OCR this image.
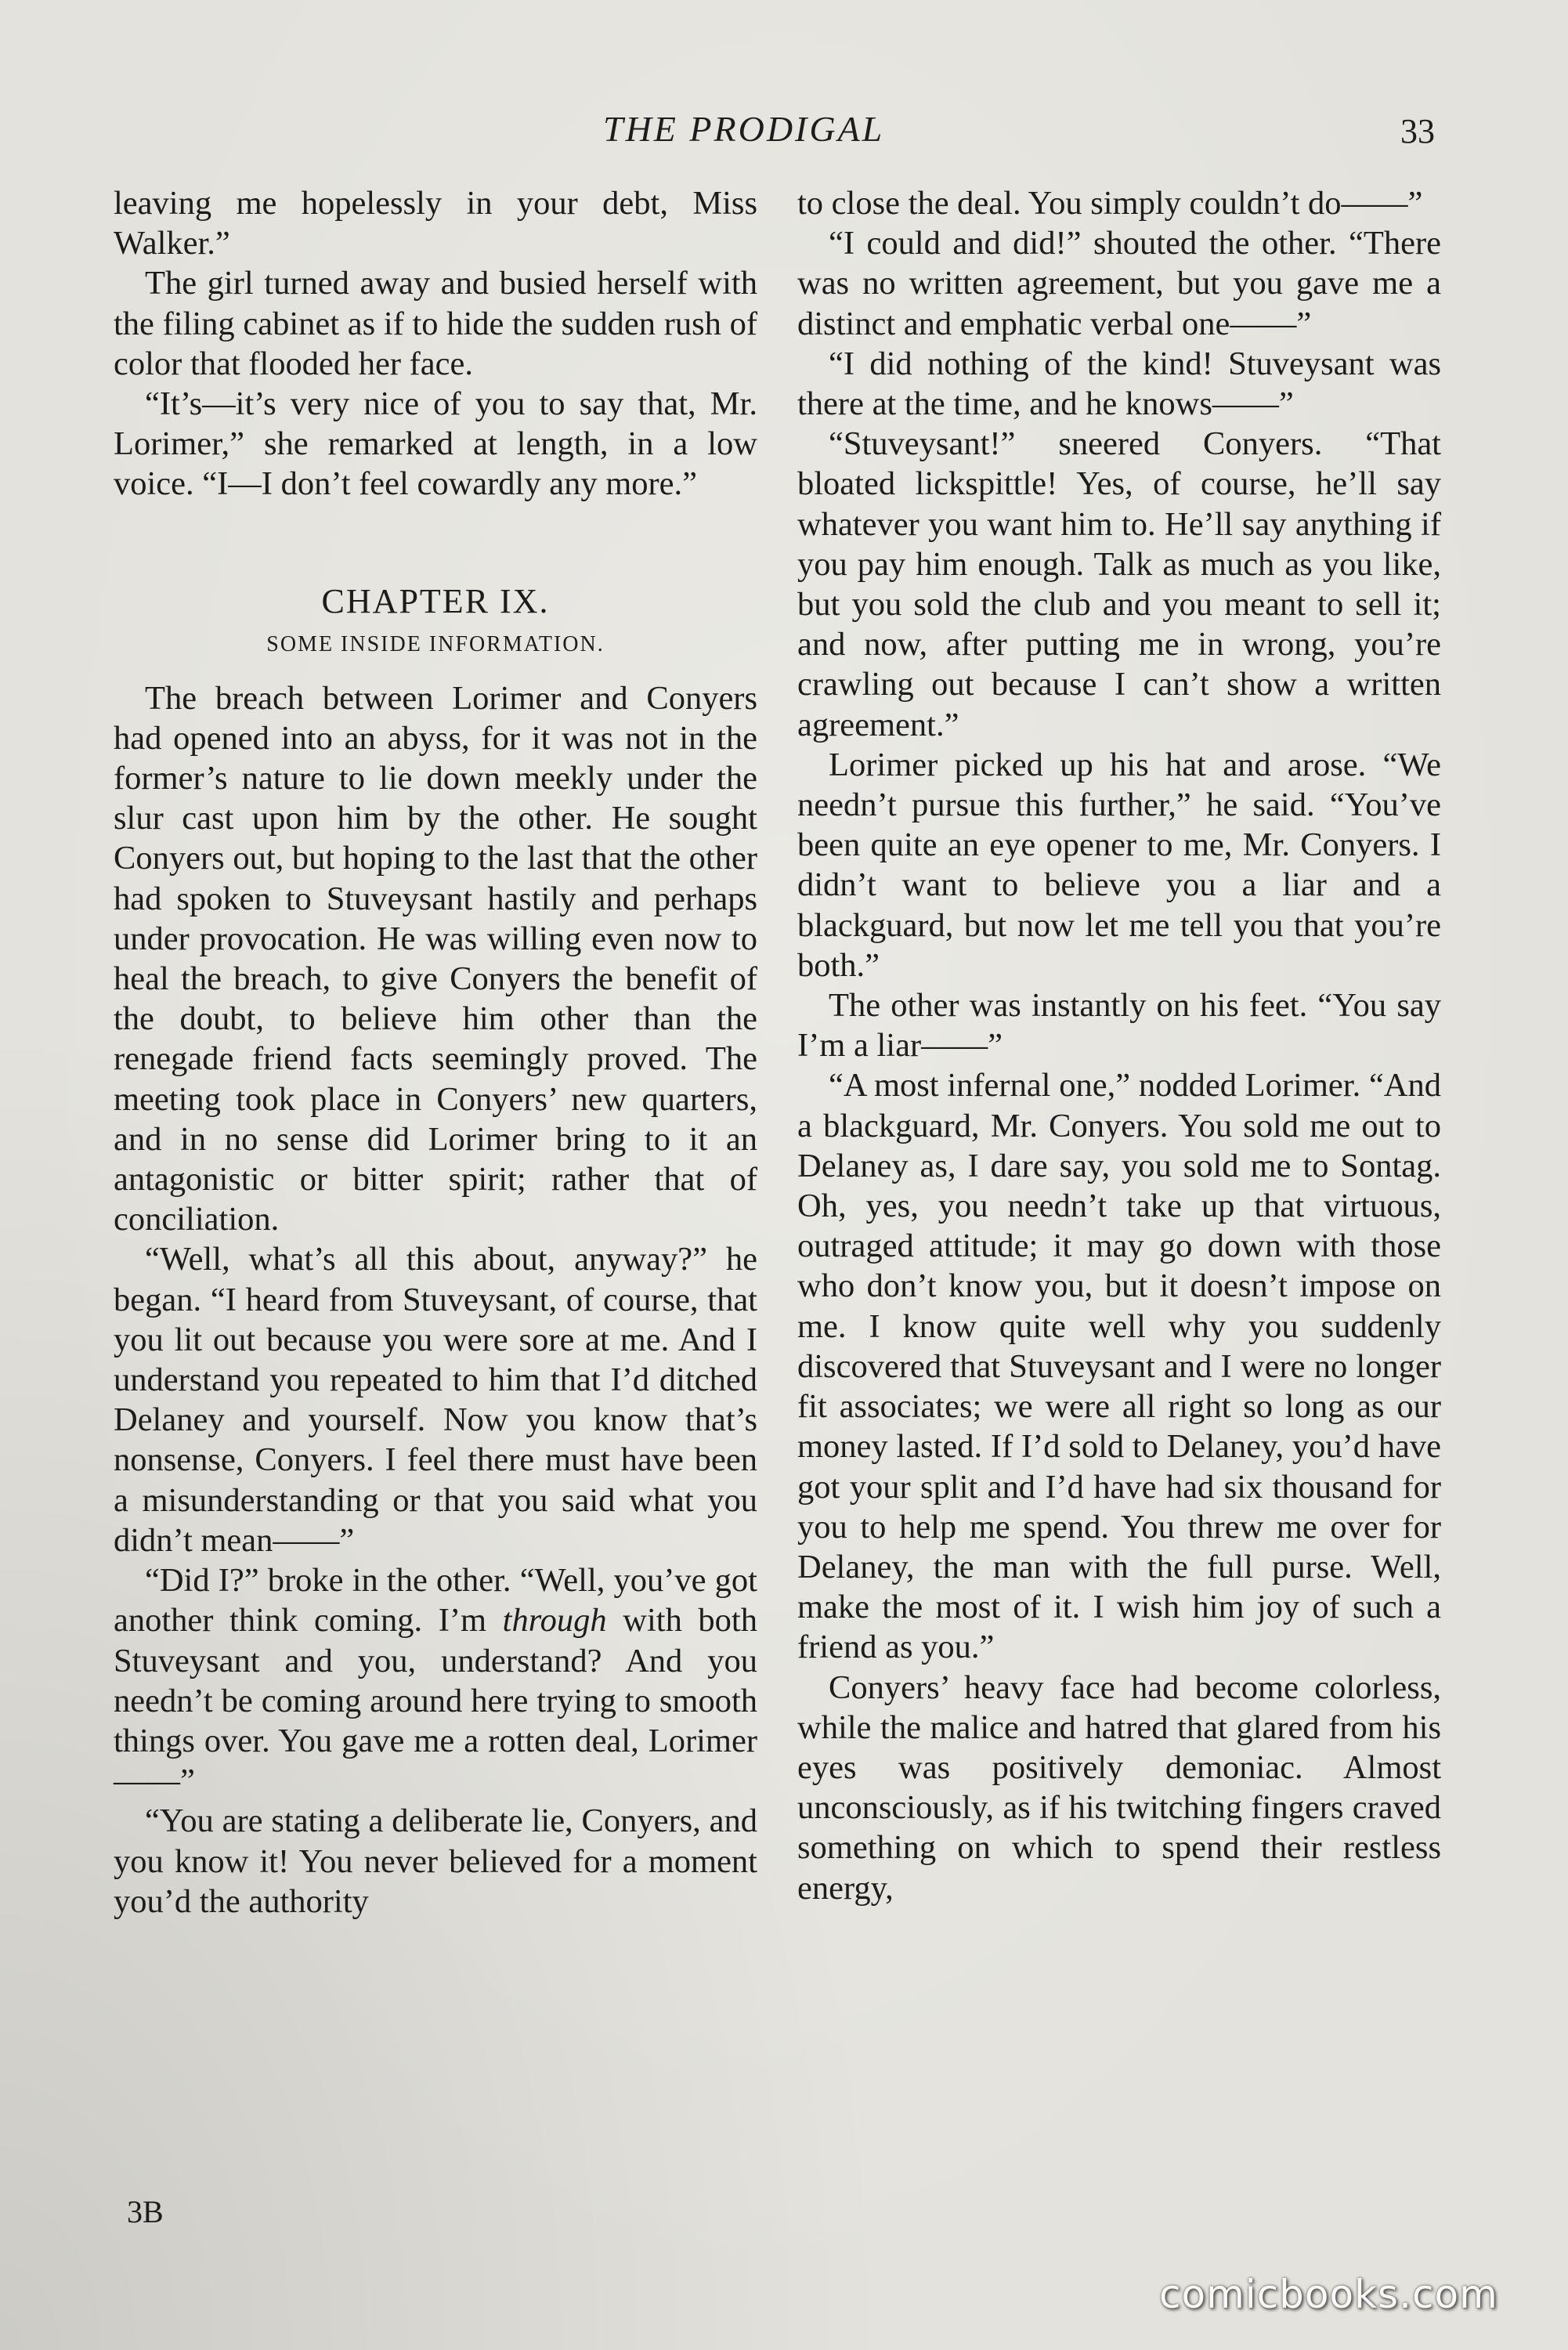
THE PRODIGAL	33

leaving me hopelessly in your debt, Miss Walker.”

The girl turned away and busied herself with the filing cabinet as if to hide the sudden rush of color that flooded her face.

“It’s—it’s very nice of you to say that, Mr. Lorimer,” she remarked at length, in a low voice. “I—I don’t feel cowardly any more.”

CHAPTER IX.
SOME INSIDE INFORMATION.

The breach between Lorimer and Conyers had opened into an abyss, for it was not in the former’s nature to lie down meekly under the slur cast upon him by the other. He sought Conyers out, but hoping to the last that the other had spoken to Stuveysant hastily and perhaps under provocation. He was willing even now to heal the breach, to give Conyers the benefit of the doubt, to believe him other than the renegade friend facts seemingly proved. The meeting took place in Conyers’ new quarters, and in no sense did Lorimer bring to it an antagonistic or bitter spirit; rather that of conciliation.

“Well, what’s all this about, anyway?” he began. “I heard from Stuveysant, of course, that you lit out because you were sore at me. And I understand you repeated to him that I’d ditched Delaney and yourself. Now you know that’s nonsense, Conyers. I feel there must have been a misunderstanding or that you said what you didn’t mean——”

“Did I?” broke in the other. “Well, you’ve got another think coming. I’m through with both Stuveysant and you, understand? And you needn’t be coming around here trying to smooth things over. You gave me a rotten deal, Lorimer——”

“You are stating a deliberate lie, Conyers, and you know it! You never believed for a moment you’d the authority

to close the deal. You simply couldn’t do——”

“I could and did!” shouted the other. “There was no written agreement, but you gave me a distinct and emphatic verbal one——”

“I did nothing of the kind! Stuveysant was there at the time, and he knows——”

“Stuveysant!” sneered Conyers. “That bloated lickspittle! Yes, of course, he’ll say whatever you want him to. He’ll say anything if you pay him enough. Talk as much as you like, but you sold the club and you meant to sell it; and now, after putting me in wrong, you’re crawling out because I can’t show a written agreement.”

Lorimer picked up his hat and arose. “We needn’t pursue this further,” he said. “You’ve been quite an eye opener to me, Mr. Conyers. I didn’t want to believe you a liar and a blackguard, but now let me tell you that you’re both.”

The other was instantly on his feet. “You say I’m a liar——”

“A most infernal one,” nodded Lorimer. “And a blackguard, Mr. Conyers. You sold me out to Delaney as, I dare say, you sold me to Sontag. Oh, yes, you needn’t take up that virtuous, outraged attitude; it may go down with those who don’t know you, but it doesn’t impose on me. I know quite well why you suddenly discovered that Stuveysant and I were no longer fit associates; we were all right so long as our money lasted. If I’d sold to Delaney, you’d have got your split and I’d have had six thousand for you to help me spend. You threw me over for Delaney, the man with the full purse. Well, make the most of it. I wish him joy of such a friend as you.”

Conyers’ heavy face had become colorless, while the malice and hatred that glared from his eyes was positively demoniac. Almost unconsciously, as if his twitching fingers craved something on which to spend their restless energy,

3B
comicbooks.com
